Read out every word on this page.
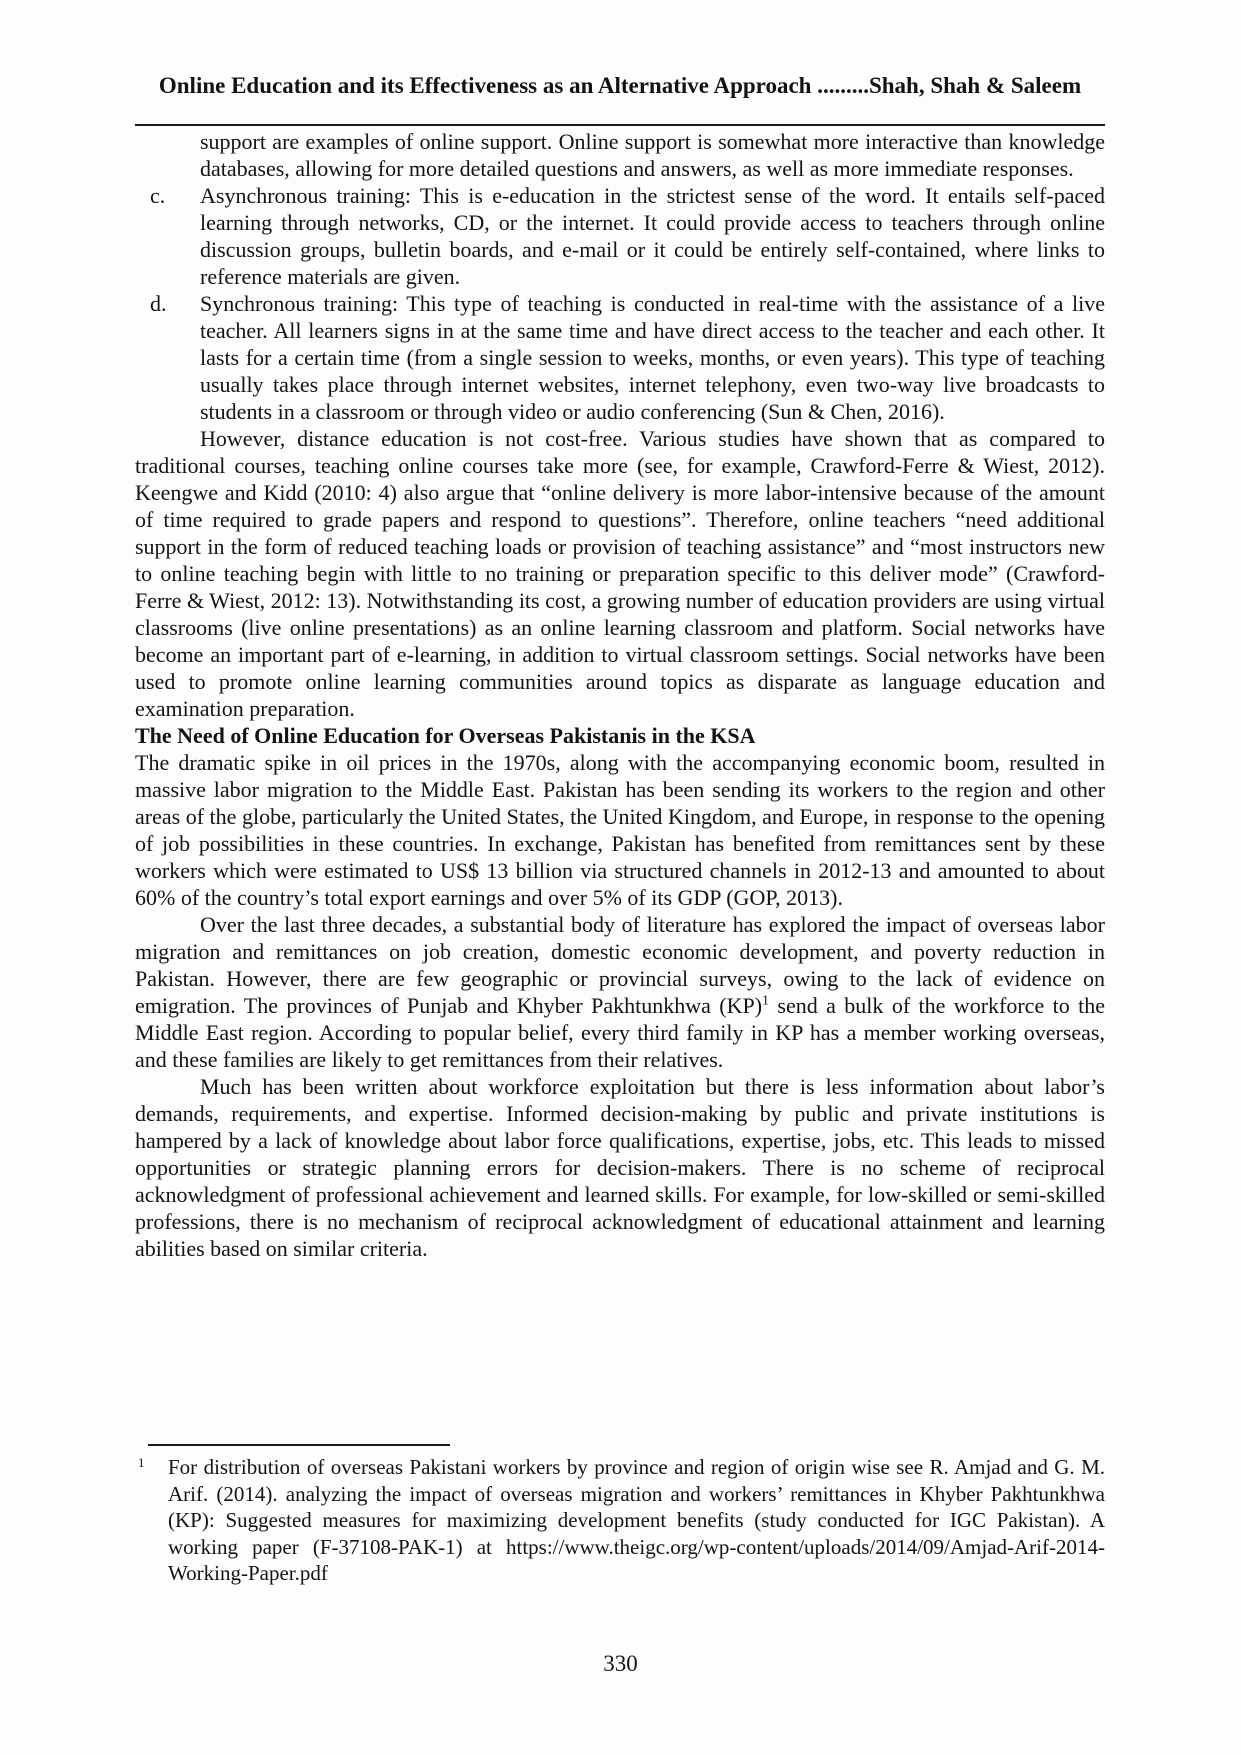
Online Education and its Effectiveness as an Alternative Approach .........Shah, Shah & Saleem

support are examples of online support. Online support is somewhat more interactive than knowledge databases, allowing for more detailed questions and answers, as well as more immediate responses.

c. Asynchronous training: This is e-education in the strictest sense of the word. It entails self-paced learning through networks, CD, or the internet. It could provide access to teachers through online discussion groups, bulletin boards, and e-mail or it could be entirely self-contained, where links to reference materials are given.

d. Synchronous training: This type of teaching is conducted in real-time with the assistance of a live teacher. All learners signs in at the same time and have direct access to the teacher and each other. It lasts for a certain time (from a single session to weeks, months, or even years). This type of teaching usually takes place through internet websites, internet telephony, even two-way live broadcasts to students in a classroom or through video or audio conferencing (Sun & Chen, 2016).

However, distance education is not cost-free. Various studies have shown that as compared to traditional courses, teaching online courses take more (see, for example, Crawford-Ferre & Wiest, 2012). Keengwe and Kidd (2010: 4) also argue that “online delivery is more labor-intensive because of the amount of time required to grade papers and respond to questions”. Therefore, online teachers “need additional support in the form of reduced teaching loads or provision of teaching assistance” and “most instructors new to online teaching begin with little to no training or preparation specific to this deliver mode” (Crawford-Ferre & Wiest, 2012: 13). Notwithstanding its cost, a growing number of education providers are using virtual classrooms (live online presentations) as an online learning classroom and platform. Social networks have become an important part of e-learning, in addition to virtual classroom settings. Social networks have been used to promote online learning communities around topics as disparate as language education and examination preparation.

The Need of Online Education for Overseas Pakistanis in the KSA

The dramatic spike in oil prices in the 1970s, along with the accompanying economic boom, resulted in massive labor migration to the Middle East. Pakistan has been sending its workers to the region and other areas of the globe, particularly the United States, the United Kingdom, and Europe, in response to the opening of job possibilities in these countries. In exchange, Pakistan has benefited from remittances sent by these workers which were estimated to US$ 13 billion via structured channels in 2012-13 and amounted to about 60% of the country’s total export earnings and over 5% of its GDP (GOP, 2013).

Over the last three decades, a substantial body of literature has explored the impact of overseas labor migration and remittances on job creation, domestic economic development, and poverty reduction in Pakistan. However, there are few geographic or provincial surveys, owing to the lack of evidence on emigration. The provinces of Punjab and Khyber Pakhtunkhwa (KP)$^1$ send a bulk of the workforce to the Middle East region. According to popular belief, every third family in KP has a member working overseas, and these families are likely to get remittances from their relatives.

Much has been written about workforce exploitation but there is less information about labor’s demands, requirements, and expertise. Informed decision-making by public and private institutions is hampered by a lack of knowledge about labor force qualifications, expertise, jobs, etc. This leads to missed opportunities or strategic planning errors for decision-makers. There is no scheme of reciprocal acknowledgment of professional achievement and learned skills. For example, for low-skilled or semi-skilled professions, there is no mechanism of reciprocal acknowledgment of educational attainment and learning abilities based on similar criteria.

1 For distribution of overseas Pakistani workers by province and region of origin wise see R. Amjad and G. M. Arif. (2014). analyzing the impact of overseas migration and workers’ remittances in Khyber Pakhtunkhwa (KP): Suggested measures for maximizing development benefits (study conducted for IGC Pakistan). A working paper (F-37108-PAK-1) at https://www.theigc.org/wp-content/uploads/2014/09/Amjad-Arif-2014-Working-Paper.pdf
330
